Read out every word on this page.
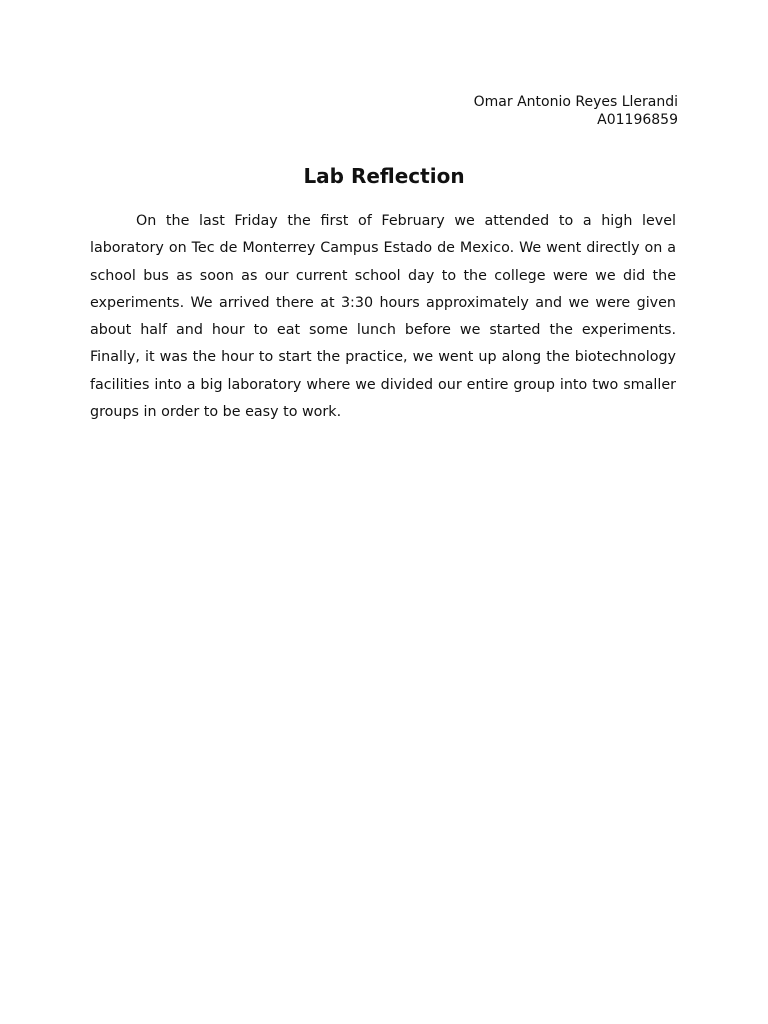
Omar Antonio Reyes Llerandi
A01196859
Lab Reflection

On the last Friday the first of February we attended to a high level laboratory on Tec de Monterrey Campus Estado de Mexico. We went directly on a school bus as soon as our current school day to the college were we did the experiments. We arrived there at 3:30 hours approximately and we were given about half and hour to eat some lunch before we started the experiments. Finally, it was the hour to start the practice, we went up along the biotechnology facilities into a big laboratory where we divided our entire group into two smaller groups in order to be easy to work.
